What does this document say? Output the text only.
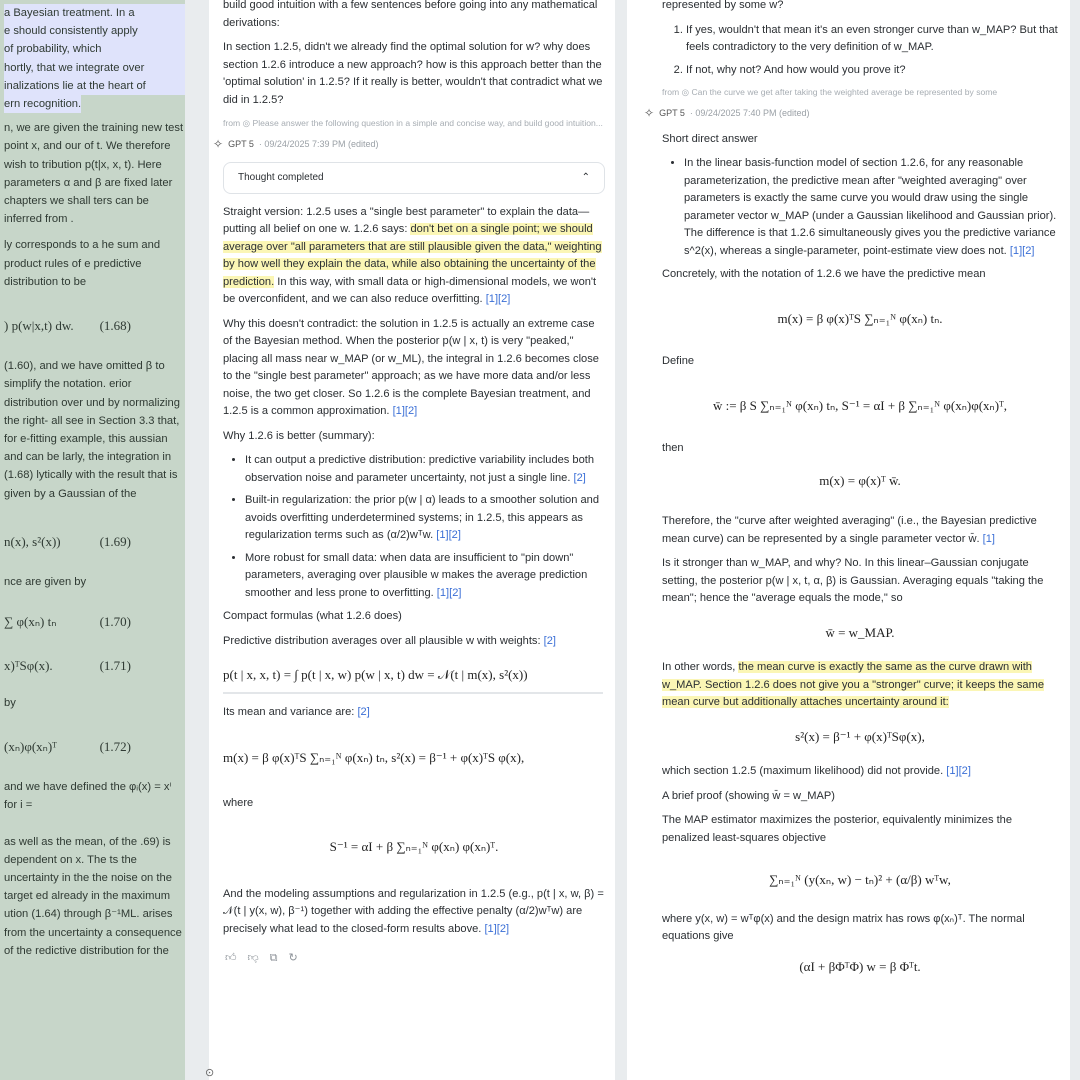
a Bayesian treatment. In a
e should consistently apply
of probability, which
hortly, that we integrate over
inalizations lie at the heart of
ern recognition.

n, we are given the training new test point x, and our of t. We therefore wish to tribution p(t|x, x, t). Here parameters α and β are fixed later chapters we shall ters can be inferred from .

ly corresponds to a he sum and product rules of e predictive distribution to be

) p(w|x,t) dw. (1.68)

(1.60), and we have omitted β to simplify the notation. erior distribution over und by normalizing the right- all see in Section 3.3 that, for e-fitting example, this aussian and can be larly, the integration in (1.68) lytically with the result that is given by a Gaussian of the

n(x), s²(x))	(1.69)

nce are given by

∑ φ(xₙ) tₙ	(1.70)
x)ᵀSφ(x).	(1.71)

by

(xₙ)φ(xₙ)ᵀ	(1.72)

and we have defined the φᵢ(x) = xⁱ for i =

as well as the mean, of the .69) is dependent on x. The ts the uncertainty in the the noise on the target ed already in the maximum ution (1.64) through β⁻¹ML. arises from the uncertainty a consequence of the redictive distribution for the

build good intuition with a few sentences before going into any mathematical derivations:

In section 1.2.5, didn't we already find the optimal solution for w? why does section 1.2.6 introduce a new approach? how is this approach better than the 'optimal solution' in 1.2.5? If it really is better, wouldn't that contradict what we did in 1.2.5?

from ◎ Please answer the following question in a simple and concise way, and build good intuition...
✧ GPT 5 · 09/24/2025 7:39 PM (edited)
Thought completed	⌃

Straight version: 1.2.5 uses a "single best parameter" to explain the data—putting all belief on one w. 1.2.6 says: don't bet on a single point; we should average over "all parameters that are still plausible given the data," weighting by how well they explain the data, while also obtaining the uncertainty of the prediction. In this way, with small data or high-dimensional models, we won't be overconfident, and we can also reduce overfitting. [1][2]

Why this doesn't contradict: the solution in 1.2.5 is actually an extreme case of the Bayesian method. When the posterior p(w | x, t) is very "peaked," placing all mass near w_MAP (or w_ML), the integral in 1.2.6 becomes close to the "single best parameter" approach; as we have more data and/or less noise, the two get closer. So 1.2.6 is the complete Bayesian treatment, and 1.2.5 is a common approximation. [1][2]

Why 1.2.6 is better (summary):

• It can output a predictive distribution: predictive variability includes both observation noise and parameter uncertainty, not just a single line. [2]
• Built-in regularization: the prior p(w | α) leads to a smoother solution and avoids overfitting underdetermined systems; in 1.2.5, this appears as regularization terms such as (α/2)wᵀw. [1][2]
• More robust for small data: when data are insufficient to "pin down" parameters, averaging over plausible w makes the average prediction smoother and less prone to overfitting. [1][2]

Compact formulas (what 1.2.6 does)

Predictive distribution averages over all plausible w with weights: [2]

p(t | x, x, t) = ∫ p(t | x, w) p(w | x, t) dw = 𝒩(t | m(x), s²(x))

Its mean and variance are: [2]

m(x) = β φ(x)ᵀS ∑ₙ₌₁ᴺ φ(xₙ) tₙ, s²(x) = β⁻¹ + φ(x)ᵀS φ(x),

where

S⁻¹ = αI + β ∑ₙ₌₁ᴺ φ(xₙ) φ(xₙ)ᵀ.

And the modeling assumptions and regularization in 1.2.5 (e.g., p(t | x, w, β) = 𝒩(t | y(x, w), β⁻¹) together with adding the effective penalty (α/2)wᵀw) are precisely what lead to the closed-form results above. [1][2]

👍︎ 👎︎ ⧉ ↻
⊙

represented by some w?

1. If yes, wouldn't that mean it's an even stronger curve than w_MAP? But that feels contradictory to the very definition of w_MAP.
2. If not, why not? And how would you prove it?
from ◎ Can the curve we get after taking the weighted average be represented by some
✧ GPT 5 · 09/24/2025 7:40 PM (edited)

Short direct answer

• In the linear basis-function model of section 1.2.6, for any reasonable parameterization, the predictive mean after "weighted averaging" over parameters is exactly the same curve you would draw using the single parameter vector w_MAP (under a Gaussian likelihood and Gaussian prior). The difference is that 1.2.6 simultaneously gives you the predictive variance s^2(x), whereas a single-parameter, point-estimate view does not. [1][2]

Concretely, with the notation of 1.2.6 we have the predictive mean

m(x) = β φ(x)ᵀS ∑ₙ₌₁ᴺ φ(xₙ) tₙ.

Define

w̄ := β S ∑ₙ₌₁ᴺ φ(xₙ) tₙ, S⁻¹ = αI + β ∑ₙ₌₁ᴺ φ(xₙ)φ(xₙ)ᵀ,

then

m(x) = φ(x)ᵀ w̄.

Therefore, the "curve after weighted averaging" (i.e., the Bayesian predictive mean curve) can be represented by a single parameter vector w̄. [1]

Is it stronger than w_MAP, and why? No. In this linear–Gaussian conjugate setting, the posterior p(w | x, t, α, β) is Gaussian. Averaging equals "taking the mean"; hence the "average equals the mode," so

w̄ = w_MAP.

In other words, the mean curve is exactly the same as the curve drawn with w_MAP. Section 1.2.6 does not give you a "stronger" curve; it keeps the same mean curve but additionally attaches uncertainty around it:

s²(x) = β⁻¹ + φ(x)ᵀSφ(x),

which section 1.2.5 (maximum likelihood) did not provide. [1][2]

A brief proof (showing w̄ = w_MAP)

The MAP estimator maximizes the posterior, equivalently minimizes the penalized least-squares objective

∑ₙ₌₁ᴺ (y(xₙ, w) − tₙ)² + (α/β) wᵀw,

where y(x, w) = wᵀφ(x) and the design matrix has rows φ(xₙ)ᵀ. The normal equations give

(αI + βΦᵀΦ) w = β Φᵀt.
